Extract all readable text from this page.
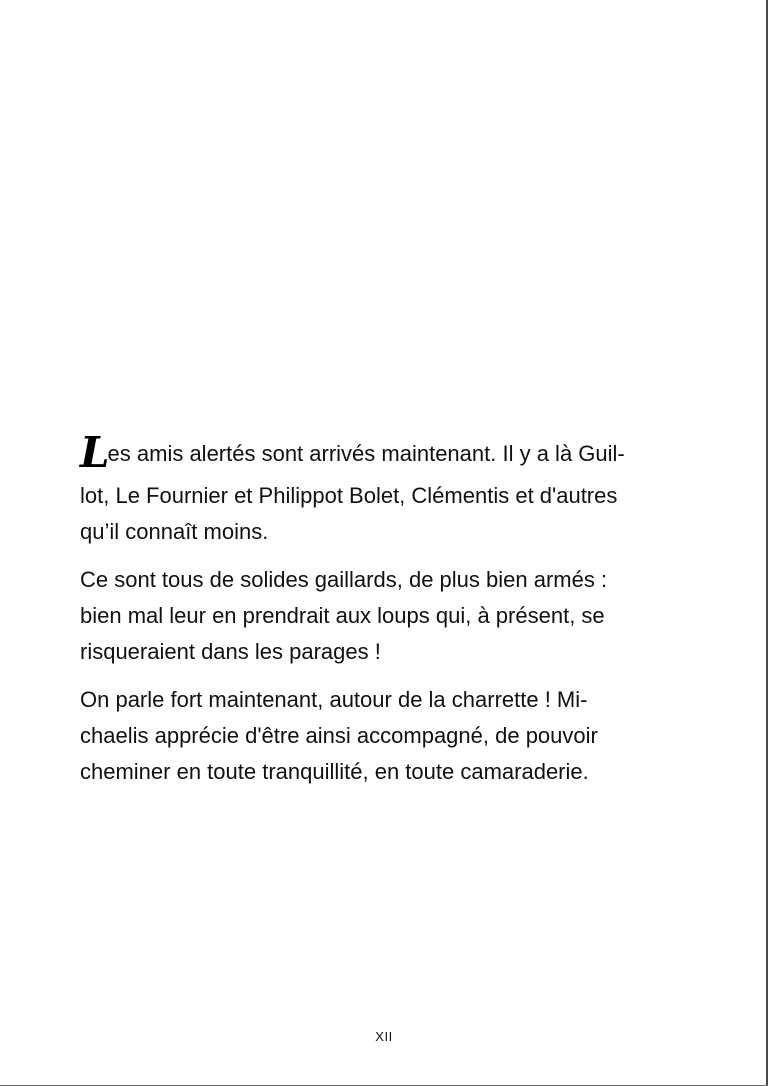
Les amis alertés sont arrivés maintenant. Il y a là Guil-
lot, Le Fournier et Philippot Bolet, Clémentis et d'autres
qu’il connaît moins.
Ce sont tous de solides gaillards, de plus bien armés :
bien mal leur en prendrait aux loups qui, à présent, se
risqueraient dans les parages !
On parle fort maintenant, autour de la charrette ! Mi-
chaelis apprécie d'être ainsi accompagné, de pouvoir
cheminer en toute tranquillité, en toute camaraderie.
XII
